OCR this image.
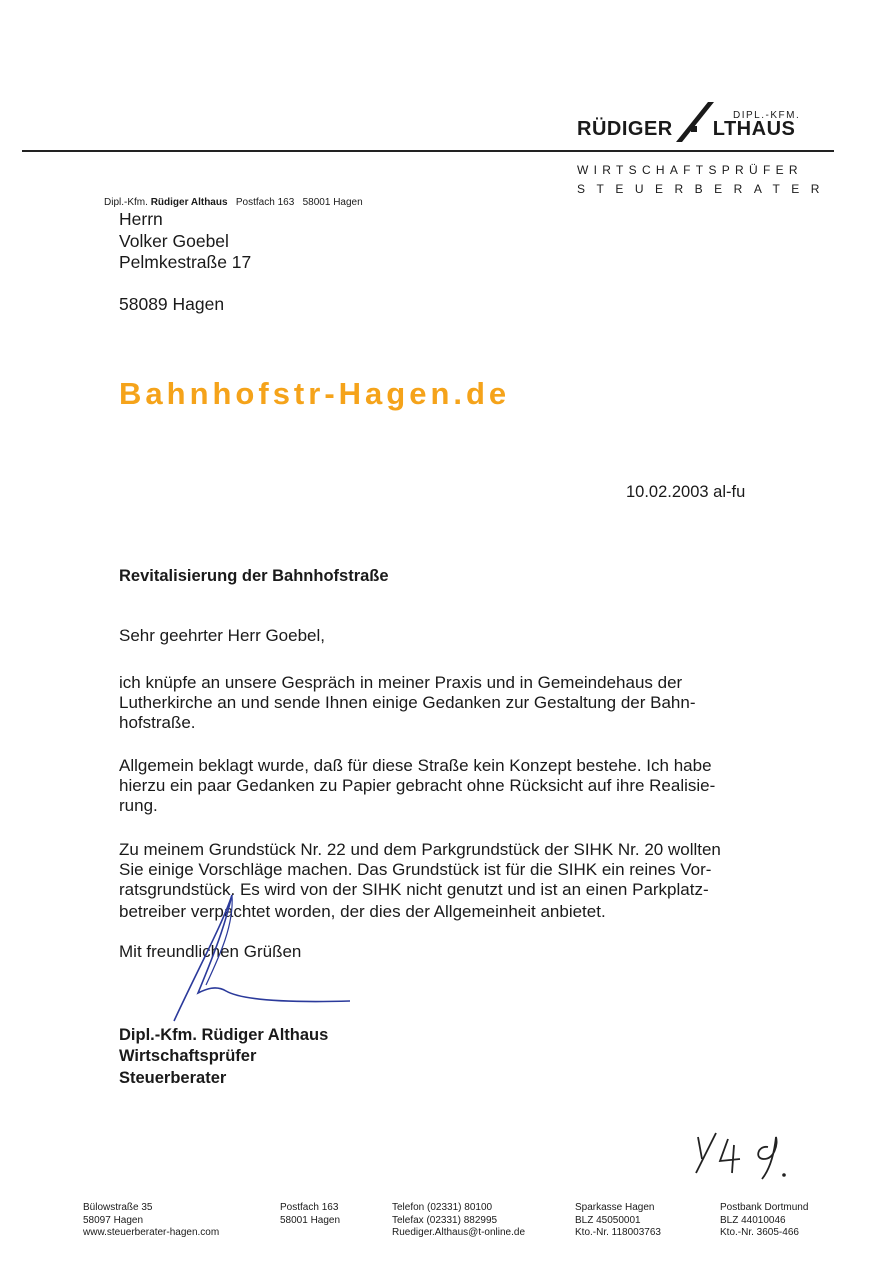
DIPL.-KFM.
RÜDIGER LTHAUS
WIRTSCHAFTSPRÜFER
STEUERBERATER
Dipl.-Kfm. Rüdiger Althaus Postfach 163 58001 Hagen
Herrn
Volker Goebel
Pelmkestraße 17
58089 Hagen
Bahnhofstr-Hagen.de
10.02.2003 al-fu
Revitalisierung der Bahnhofstraße
Sehr geehrter Herr Goebel,
ich knüpfe an unsere Gespräch in meiner Praxis und in Gemeindehaus der
Lutherkirche an und sende Ihnen einige Gedanken zur Gestaltung der Bahn-
hofstraße.
Allgemein beklagt wurde, daß für diese Straße kein Konzept bestehe. Ich habe
hierzu ein paar Gedanken zu Papier gebracht ohne Rücksicht auf ihre Realisie-
rung.
Zu meinem Grundstück Nr. 22 und dem Parkgrundstück der SIHK Nr. 20 wollten
Sie einige Vorschläge machen. Das Grundstück ist für die SIHK ein reines Vor-
ratsgrundstück. Es wird von der SIHK nicht genutzt und ist an einen Parkplatz-
betreiber verpachtet worden, der dies der Allgemeinheit anbietet.
Mit freundlichen Grüßen
Dipl.-Kfm. Rüdiger Althaus
Wirtschaftsprüfer
Steuerberater
Bülowstraße 35
58097 Hagen
www.steuerberater-hagen.com
Postfach 163
58001 Hagen
Telefon (02331) 80100
Telefax (02331) 882995
Ruediger.Althaus@t-online.de
Sparkasse Hagen
BLZ 45050001
Kto.-Nr. 118003763
Postbank Dortmund
BLZ 44010046
Kto.-Nr. 3605-466
